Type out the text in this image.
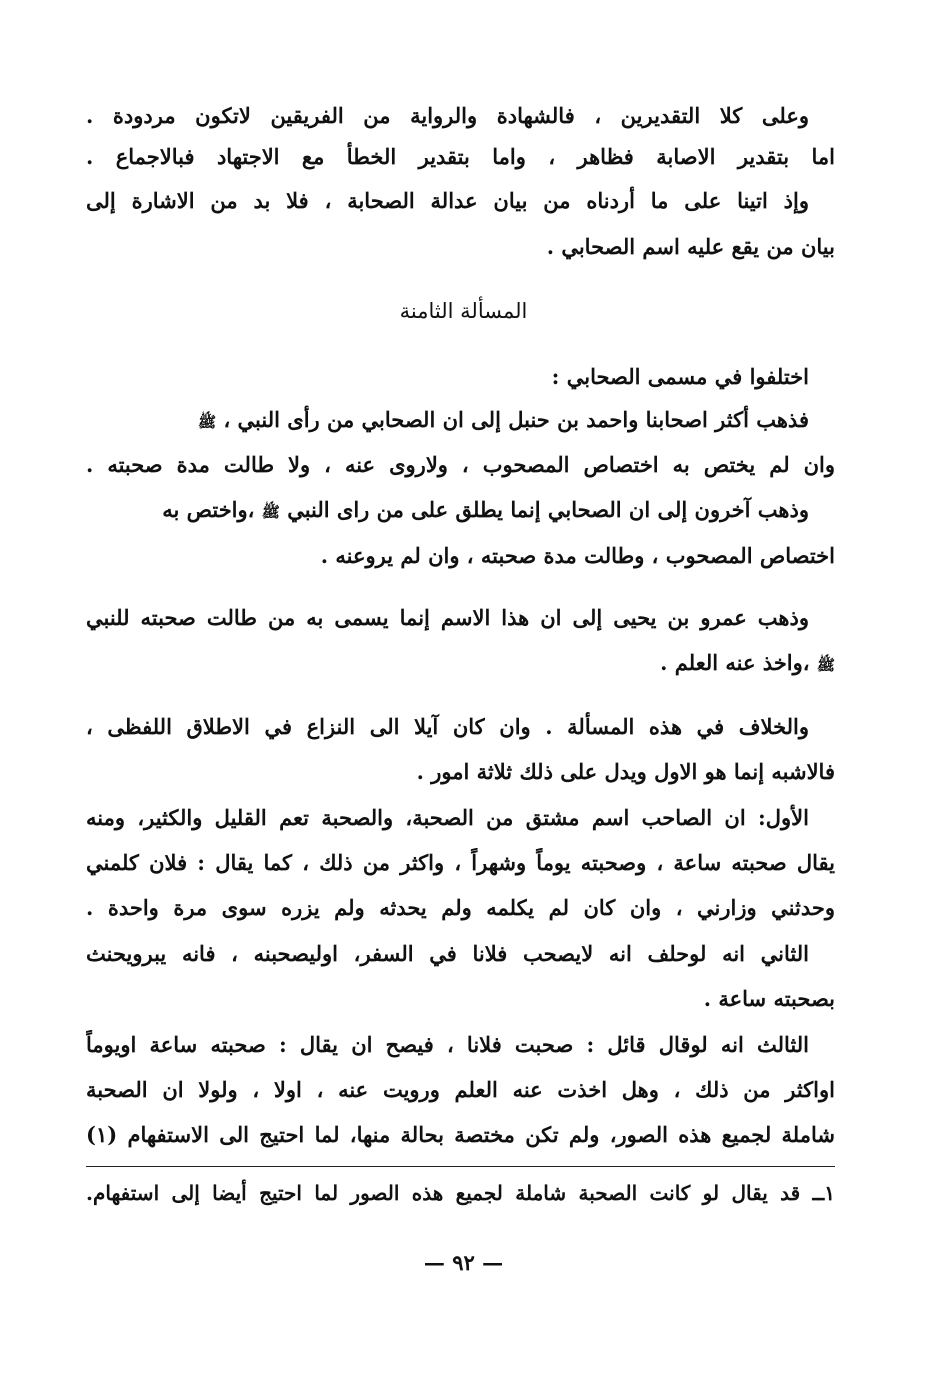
وعلى كلا التقديرين ، فالشهادة والرواية من الفريقين لاتكون مردودة .
اما بتقدير الاصابة فظاهر ، واما بتقدير الخطأ مع الاجتهاد فبالاجماع .
وإذ اتينا على ما أردناه من بيان عدالة الصحابة ، فلا بد من الاشارة إلى
بيان من يقع عليه اسم الصحابي .
المسألة الثامنة
اختلفوا في مسمى الصحابي :
فذهب أكثر اصحابنا واحمد بن حنبل إلى ان الصحابي من رأى النبي ، ﷺ
وان لم يختص به اختصاص المصحوب ، ولاروى عنه ، ولا طالت مدة صحبته .
وذهب آخرون إلى ان الصحابي إنما يطلق على من راى النبي ﷺ ،واختص به
اختصاص المصحوب ، وطالت مدة صحبته ، وان لم يروعنه .
وذهب عمرو بن يحيى إلى ان هذا الاسم إنما يسمى به من طالت صحبته للنبي
ﷺ ،واخذ عنه العلم .
والخلاف في هذه المسألة . وان كان آيلا الى النزاع في الاطلاق اللفظى ،
فالاشبه إنما هو الاول ويدل على ذلك ثلاثة امور .
الأول: ان الصاحب اسم مشتق من الصحبة، والصحبة تعم القليل والكثير، ومنه
يقال صحبته ساعة ، وصحبته يوماً وشهراً ، واكثر من ذلك ، كما يقال : فلان كلمني
وحدثني وزارني ، وان كان لم يكلمه ولم يحدثه ولم يزره سوى مرة واحدة .
الثاني انه لوحلف انه لايصحب فلانا في السفر، اوليصحبنه ، فانه يبرويحنث
بصحبته ساعة .
الثالث انه لوقال قائل : صحبت فلانا ، فيصح ان يقال : صحبته ساعة اويوماً
اواكثر من ذلك ، وهل اخذت عنه العلم ورويت عنه ، اولا ، ولولا ان الصحبة
شاملة لجميع هذه الصور، ولم تكن مختصة بحالة منها، لما احتيج الى الاستفهام (١)
١ــ قد يقال لو كانت الصحبة شاملة لجميع هذه الصور لما احتيج أيضا إلى استفهام.
— ٩٢ —
